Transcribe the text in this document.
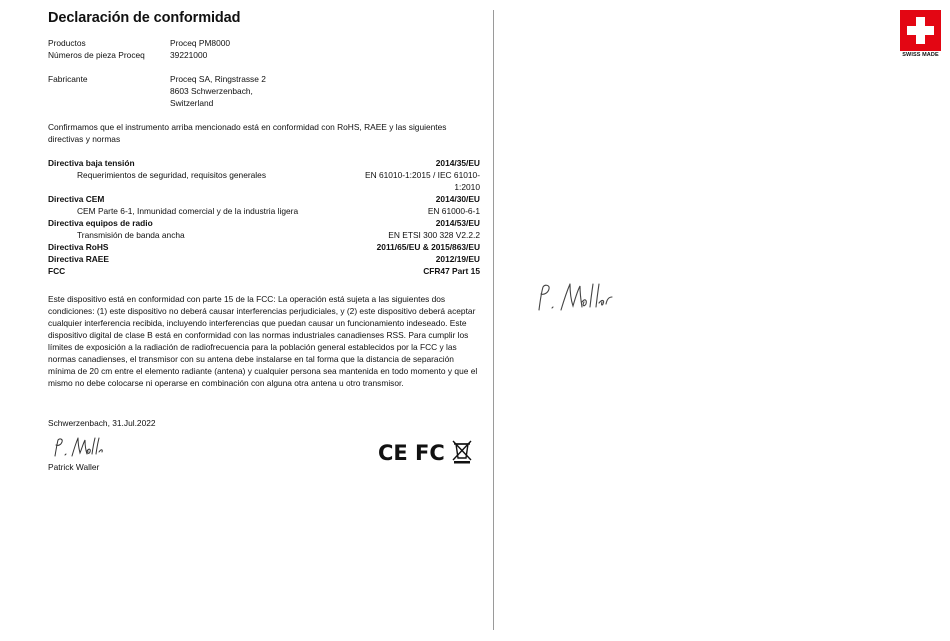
Declaración de conformidad
Productos	Proceq PM8000
Números de pieza Proceq	39221000
Fabricante	Proceq SA, Ringstrasse 2
8603 Schwerzenbach,
Switzerland
Confirmamos que el instrumento arriba mencionado está en conformidad con RoHS, RAEE y las siguientes directivas y normas
Directiva baja tensión	2014/35/EU
Requerimientos de seguridad, requisitos generales	EN 61010-1:2015 / IEC 61010-1:2010
Directiva CEM	2014/30/EU
CEM Parte 6-1, Inmunidad comercial y de la industria ligera	EN 61000-6-1
Directiva equipos de radio	2014/53/EU
Transmisión de banda ancha	EN ETSI 300 328 V2.2.2
Directiva RoHS	2011/65/EU & 2015/863/EU
Directiva RAEE	2012/19/EU
FCC	CFR47 Part 15
Este dispositivo está en conformidad con parte 15 de la FCC: La operación está sujeta a las siguientes dos condiciones: (1) este dispositivo no deberá causar interferencias perjudiciales, y (2) este dispositivo deberá aceptar cualquier interferencia recibida, incluyendo interferencias que puedan causar un funcionamiento indeseado. Este dispositivo digital de clase B está en conformidad con las normas industriales canadienses RSS. Para cumplir los límites de exposición a la radiación de radiofrecuencia para la población general establecidos por la FCC y las normas canadienses, el transmisor con su antena debe instalarse en tal forma que la distancia de separación mínima de 20 cm entre el elemento radiante (antena) y cualquier persona sea mantenida en todo momento y que el mismo no debe colocarse ni operarse en combinación con alguna otra antena u otro transmisor.
Schwerzenbach, 31.Jul.2022
CE FC
Patrick Waller
SWISS MADE
